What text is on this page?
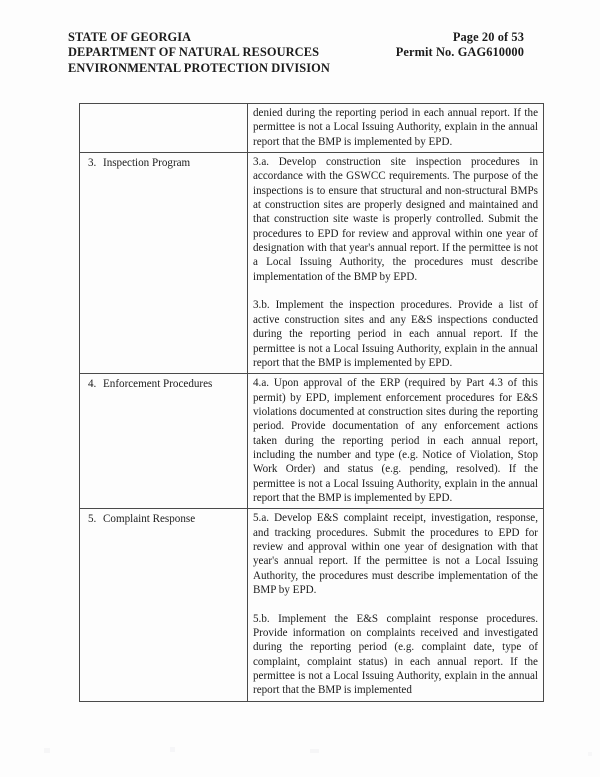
STATE OF GEORGIA
DEPARTMENT OF NATURAL RESOURCES
ENVIRONMENTAL PROTECTION DIVISION
Page 20 of 53
Permit No. GAG610000

	denied during the reporting period in each annual report. If the permittee is not a Local Issuing Authority, explain in the annual report that the BMP is implemented by EPD.

3. Inspection Program	3.a. Develop construction site inspection procedures in accordance with the GSWCC requirements. The purpose of the inspections is to ensure that structural and non-structural BMPs at construction sites are properly designed and maintained and that construction site waste is properly controlled. Submit the procedures to EPD for review and approval within one year of designation with that year's annual report. If the permittee is not a Local Issuing Authority, the procedures must describe implementation of the BMP by EPD.

3.b. Implement the inspection procedures. Provide a list of active construction sites and any E&S inspections conducted during the reporting period in each annual report. If the permittee is not a Local Issuing Authority, explain in the annual report that the BMP is implemented by EPD.

4. Enforcement Procedures	4.a. Upon approval of the ERP (required by Part 4.3 of this permit) by EPD, implement enforcement procedures for E&S violations documented at construction sites during the reporting period. Provide documentation of any enforcement actions taken during the reporting period in each annual report, including the number and type (e.g. Notice of Violation, Stop Work Order) and status (e.g. pending, resolved). If the permittee is not a Local Issuing Authority, explain in the annual report that the BMP is implemented by EPD.

5. Complaint Response	5.a. Develop E&S complaint receipt, investigation, response, and tracking procedures. Submit the procedures to EPD for review and approval within one year of designation with that year's annual report. If the permittee is not a Local Issuing Authority, the procedures must describe implementation of the BMP by EPD.

5.b. Implement the E&S complaint response procedures. Provide information on complaints received and investigated during the reporting period (e.g. complaint date, type of complaint, complaint status) in each annual report. If the permittee is not a Local Issuing Authority, explain in the annual report that the BMP is implemented
